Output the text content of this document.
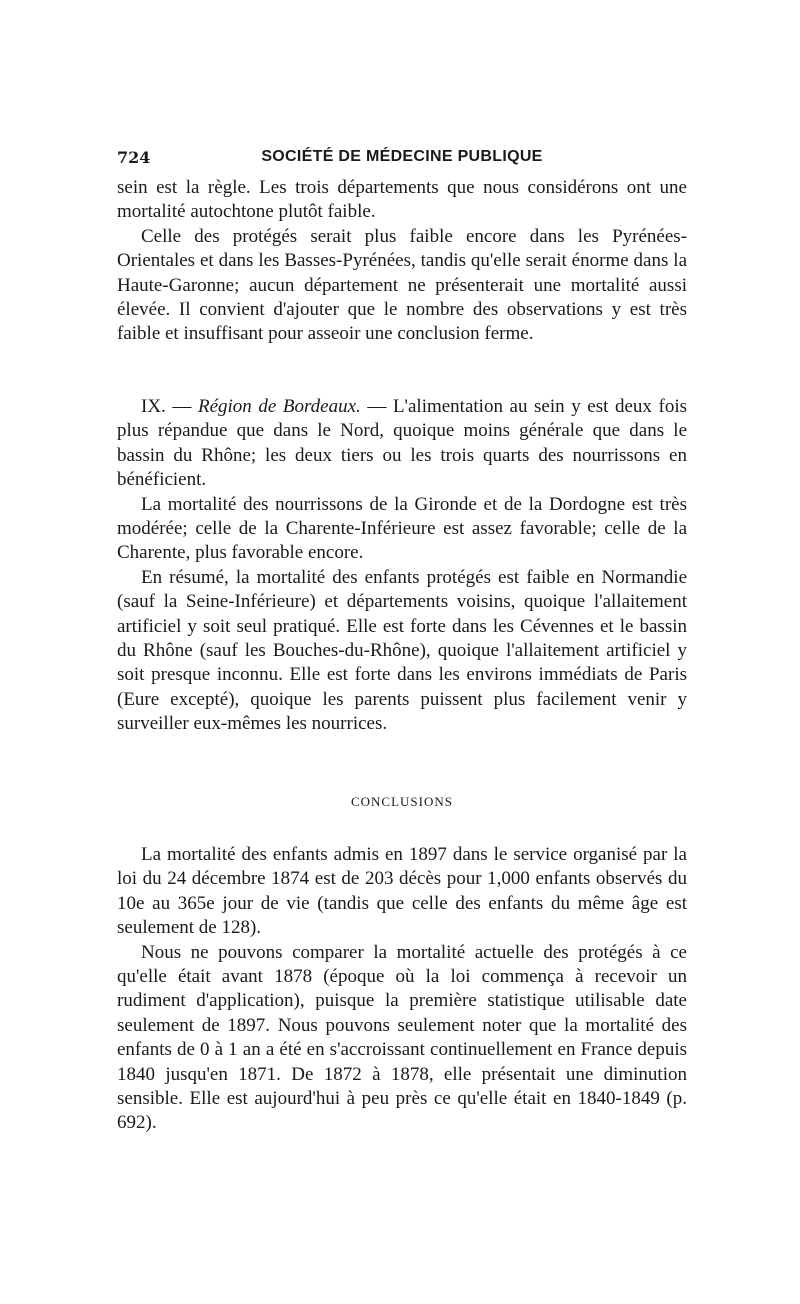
724	SOCIÉTÉ DE MÉDECINE PUBLIQUE

sein est la règle. Les trois départements que nous considérons ont une mortalité autochtone plutôt faible.

Celle des protégés serait plus faible encore dans les Pyrénées-Orientales et dans les Basses-Pyrénées, tandis qu'elle serait énorme dans la Haute-Garonne; aucun département ne présenterait une mortalité aussi élevée. Il convient d'ajouter que le nombre des observations y est très faible et insuffisant pour asseoir une conclusion ferme.

IX. — Région de Bordeaux. — L'alimentation au sein y est deux fois plus répandue que dans le Nord, quoique moins générale que dans le bassin du Rhône; les deux tiers ou les trois quarts des nourrissons en bénéficient.

La mortalité des nourrissons de la Gironde et de la Dordogne est très modérée; celle de la Charente-Inférieure est assez favorable; celle de la Charente, plus favorable encore.

En résumé, la mortalité des enfants protégés est faible en Normandie (sauf la Seine-Inférieure) et départements voisins, quoique l'allaitement artificiel y soit seul pratiqué. Elle est forte dans les Cévennes et le bassin du Rhône (sauf les Bouches-du-Rhône), quoique l'allaitement artificiel y soit presque inconnu. Elle est forte dans les environs immédiats de Paris (Eure excepté), quoique les parents puissent plus facilement venir y surveiller eux-mêmes les nourrices.

CONCLUSIONS

La mortalité des enfants admis en 1897 dans le service organisé par la loi du 24 décembre 1874 est de 203 décès pour 1,000 enfants observés du 10e au 365e jour de vie (tandis que celle des enfants du même âge est seulement de 128).

Nous ne pouvons comparer la mortalité actuelle des protégés à ce qu'elle était avant 1878 (époque où la loi commença à recevoir un rudiment d'application), puisque la première statistique utilisable date seulement de 1897. Nous pouvons seulement noter que la mortalité des enfants de 0 à 1 an a été en s'accroissant continuellement en France depuis 1840 jusqu'en 1871. De 1872 à 1878, elle présentait une diminution sensible. Elle est aujourd'hui à peu près ce qu'elle était en 1840-1849 (p. 692).
